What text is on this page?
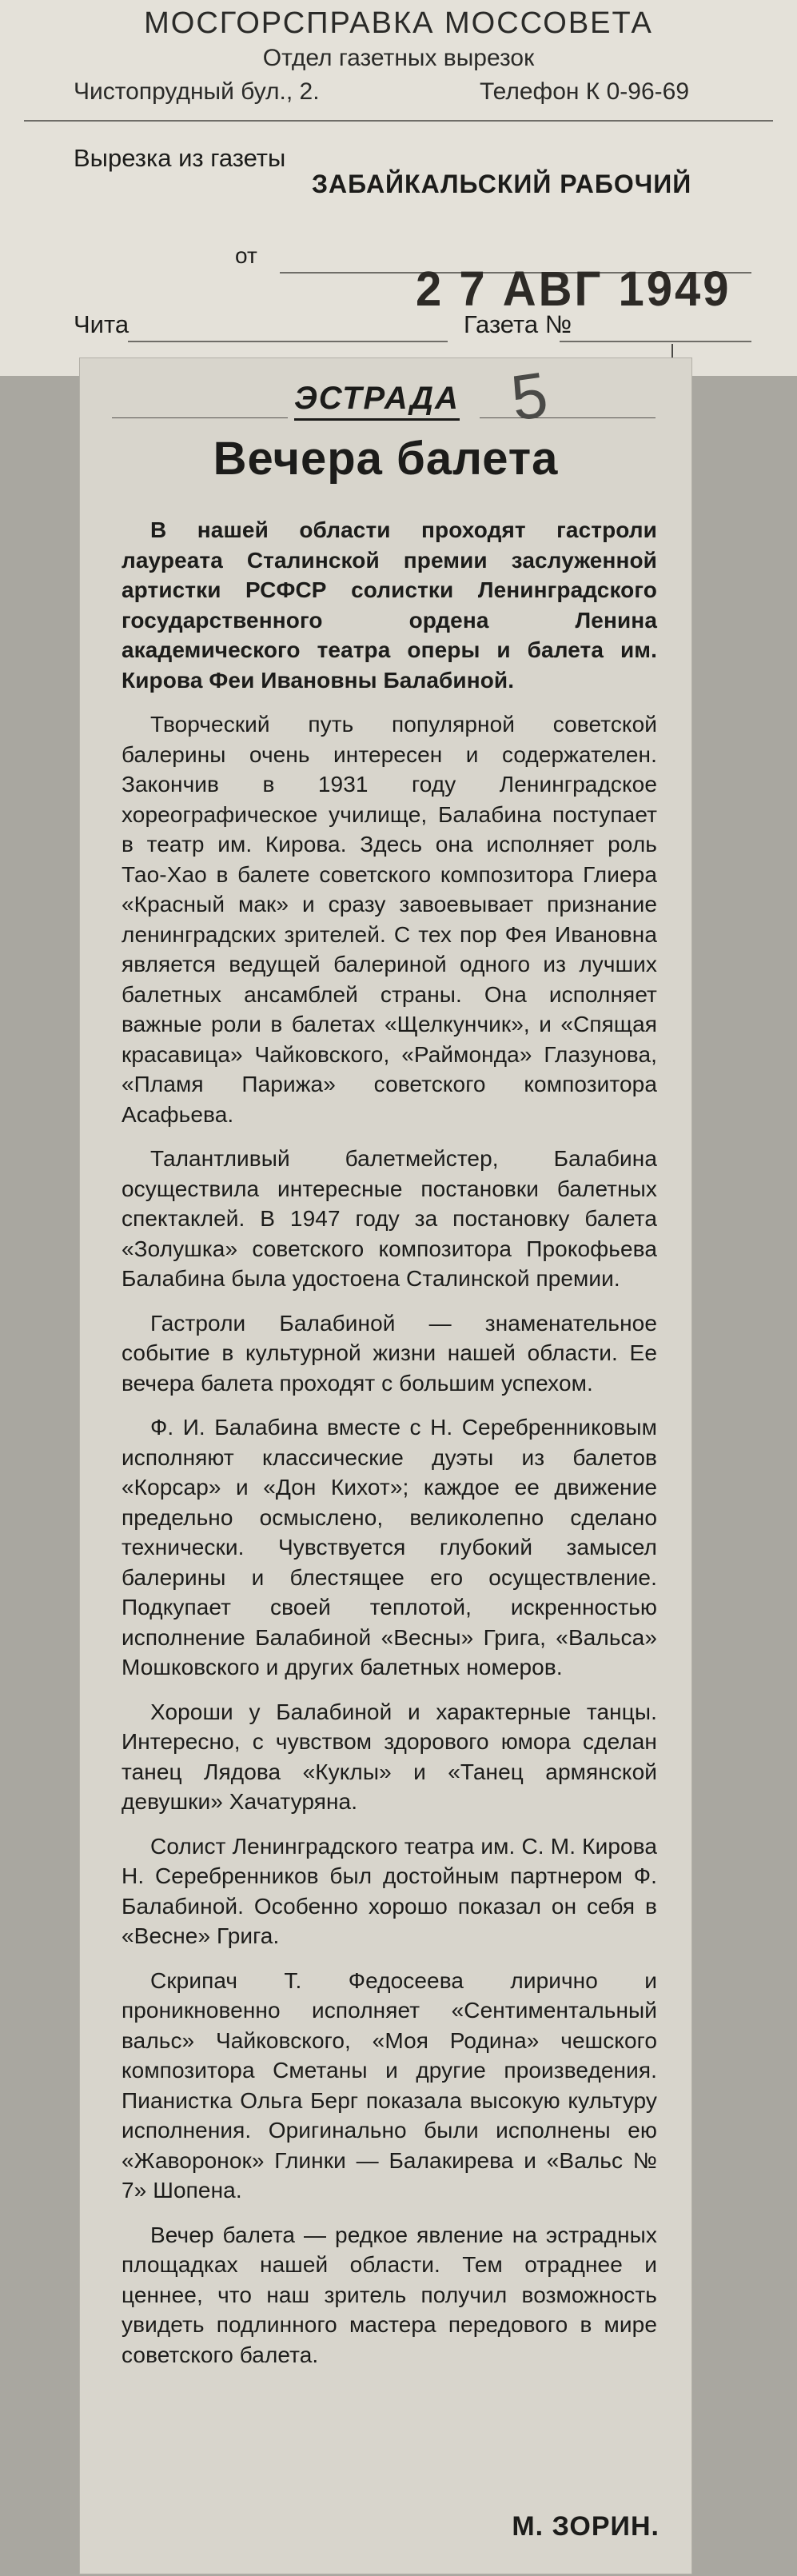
МОСГОРСПРАВКА МОССОВЕТА
Отдел газетных вырезок
Чистопрудный бул., 2.	Телефон К 0-96-69
Вырезка из газеты
ЗАБАЙКАЛЬСКИЙ РАБОЧИЙ
от
2 7 АВГ 1949
Чита	Газета №
ЭСТРАДА 5
Вечера балета

В нашей области проходят гастроли лауреата Сталинской премии заслуженной артистки РСФСР солистки Ленинградского государственного ордена Ленина академического театра оперы и балета им. Кирова Феи Ивановны Балабиной.

Творческий путь популярной советской балерины очень интересен и содержателен. Закончив в 1931 году Ленинградское хореографическое училище, Балабина поступает в театр им. Кирова. Здесь она исполняет роль Тао-Хао в балете советского композитора Глиера «Красный мак» и сразу завоевывает признание ленинградских зрителей. С тех пор Фея Ивановна является ведущей балериной одного из лучших балетных ансамблей страны. Она исполняет важные роли в балетах «Щелкунчик», и «Спящая красавица» Чайковского, «Раймонда» Глазунова, «Пламя Парижа» советского композитора Асафьева.

Талантливый балетмейстер, Балабина осуществила интересные постановки балетных спектаклей. В 1947 году за постановку балета «Золушка» советского композитора Прокофьева Балабина была удостоена Сталинской премии.

Гастроли Балабиной — знаменательное событие в культурной жизни нашей области. Ее вечера балета проходят с большим успехом.

Ф. И. Балабина вместе с Н. Серебренниковым исполняют классические дуэты из балетов «Корсар» и «Дон Кихот»; каждое ее движение предельно осмыслено, великолепно сделано технически. Чувствуется глубокий замысел балерины и блестящее его осуществление. Подкупает своей теплотой, искренностью исполнение Балабиной «Весны» Грига, «Вальса» Мошковского и других балетных номеров.

Хороши у Балабиной и характерные танцы. Интересно, с чувством здорового юмора сделан танец Лядова «Куклы» и «Танец армянской девушки» Хачатуряна.

Солист Ленинградского театра им. С. М. Кирова Н. Серебренников был достойным партнером Ф. Балабиной. Особенно хорошо показал он себя в «Весне» Грига.

Скрипач Т. Федосеева лирично и проникновенно исполняет «Сентиментальный вальс» Чайковского, «Моя Родина» чешского композитора Сметаны и другие произведения. Пианистка Ольга Берг показала высокую культуру исполнения. Оригинально были исполнены ею «Жаворонок» Глинки — Балакирева и «Вальс № 7» Шопена.

Вечер балета — редкое явление на эстрадных площадках нашей области. Тем отраднее и ценнее, что наш зритель получил возможность увидеть подлинного мастера передового в мире советского балета.

М. ЗОРИН.
